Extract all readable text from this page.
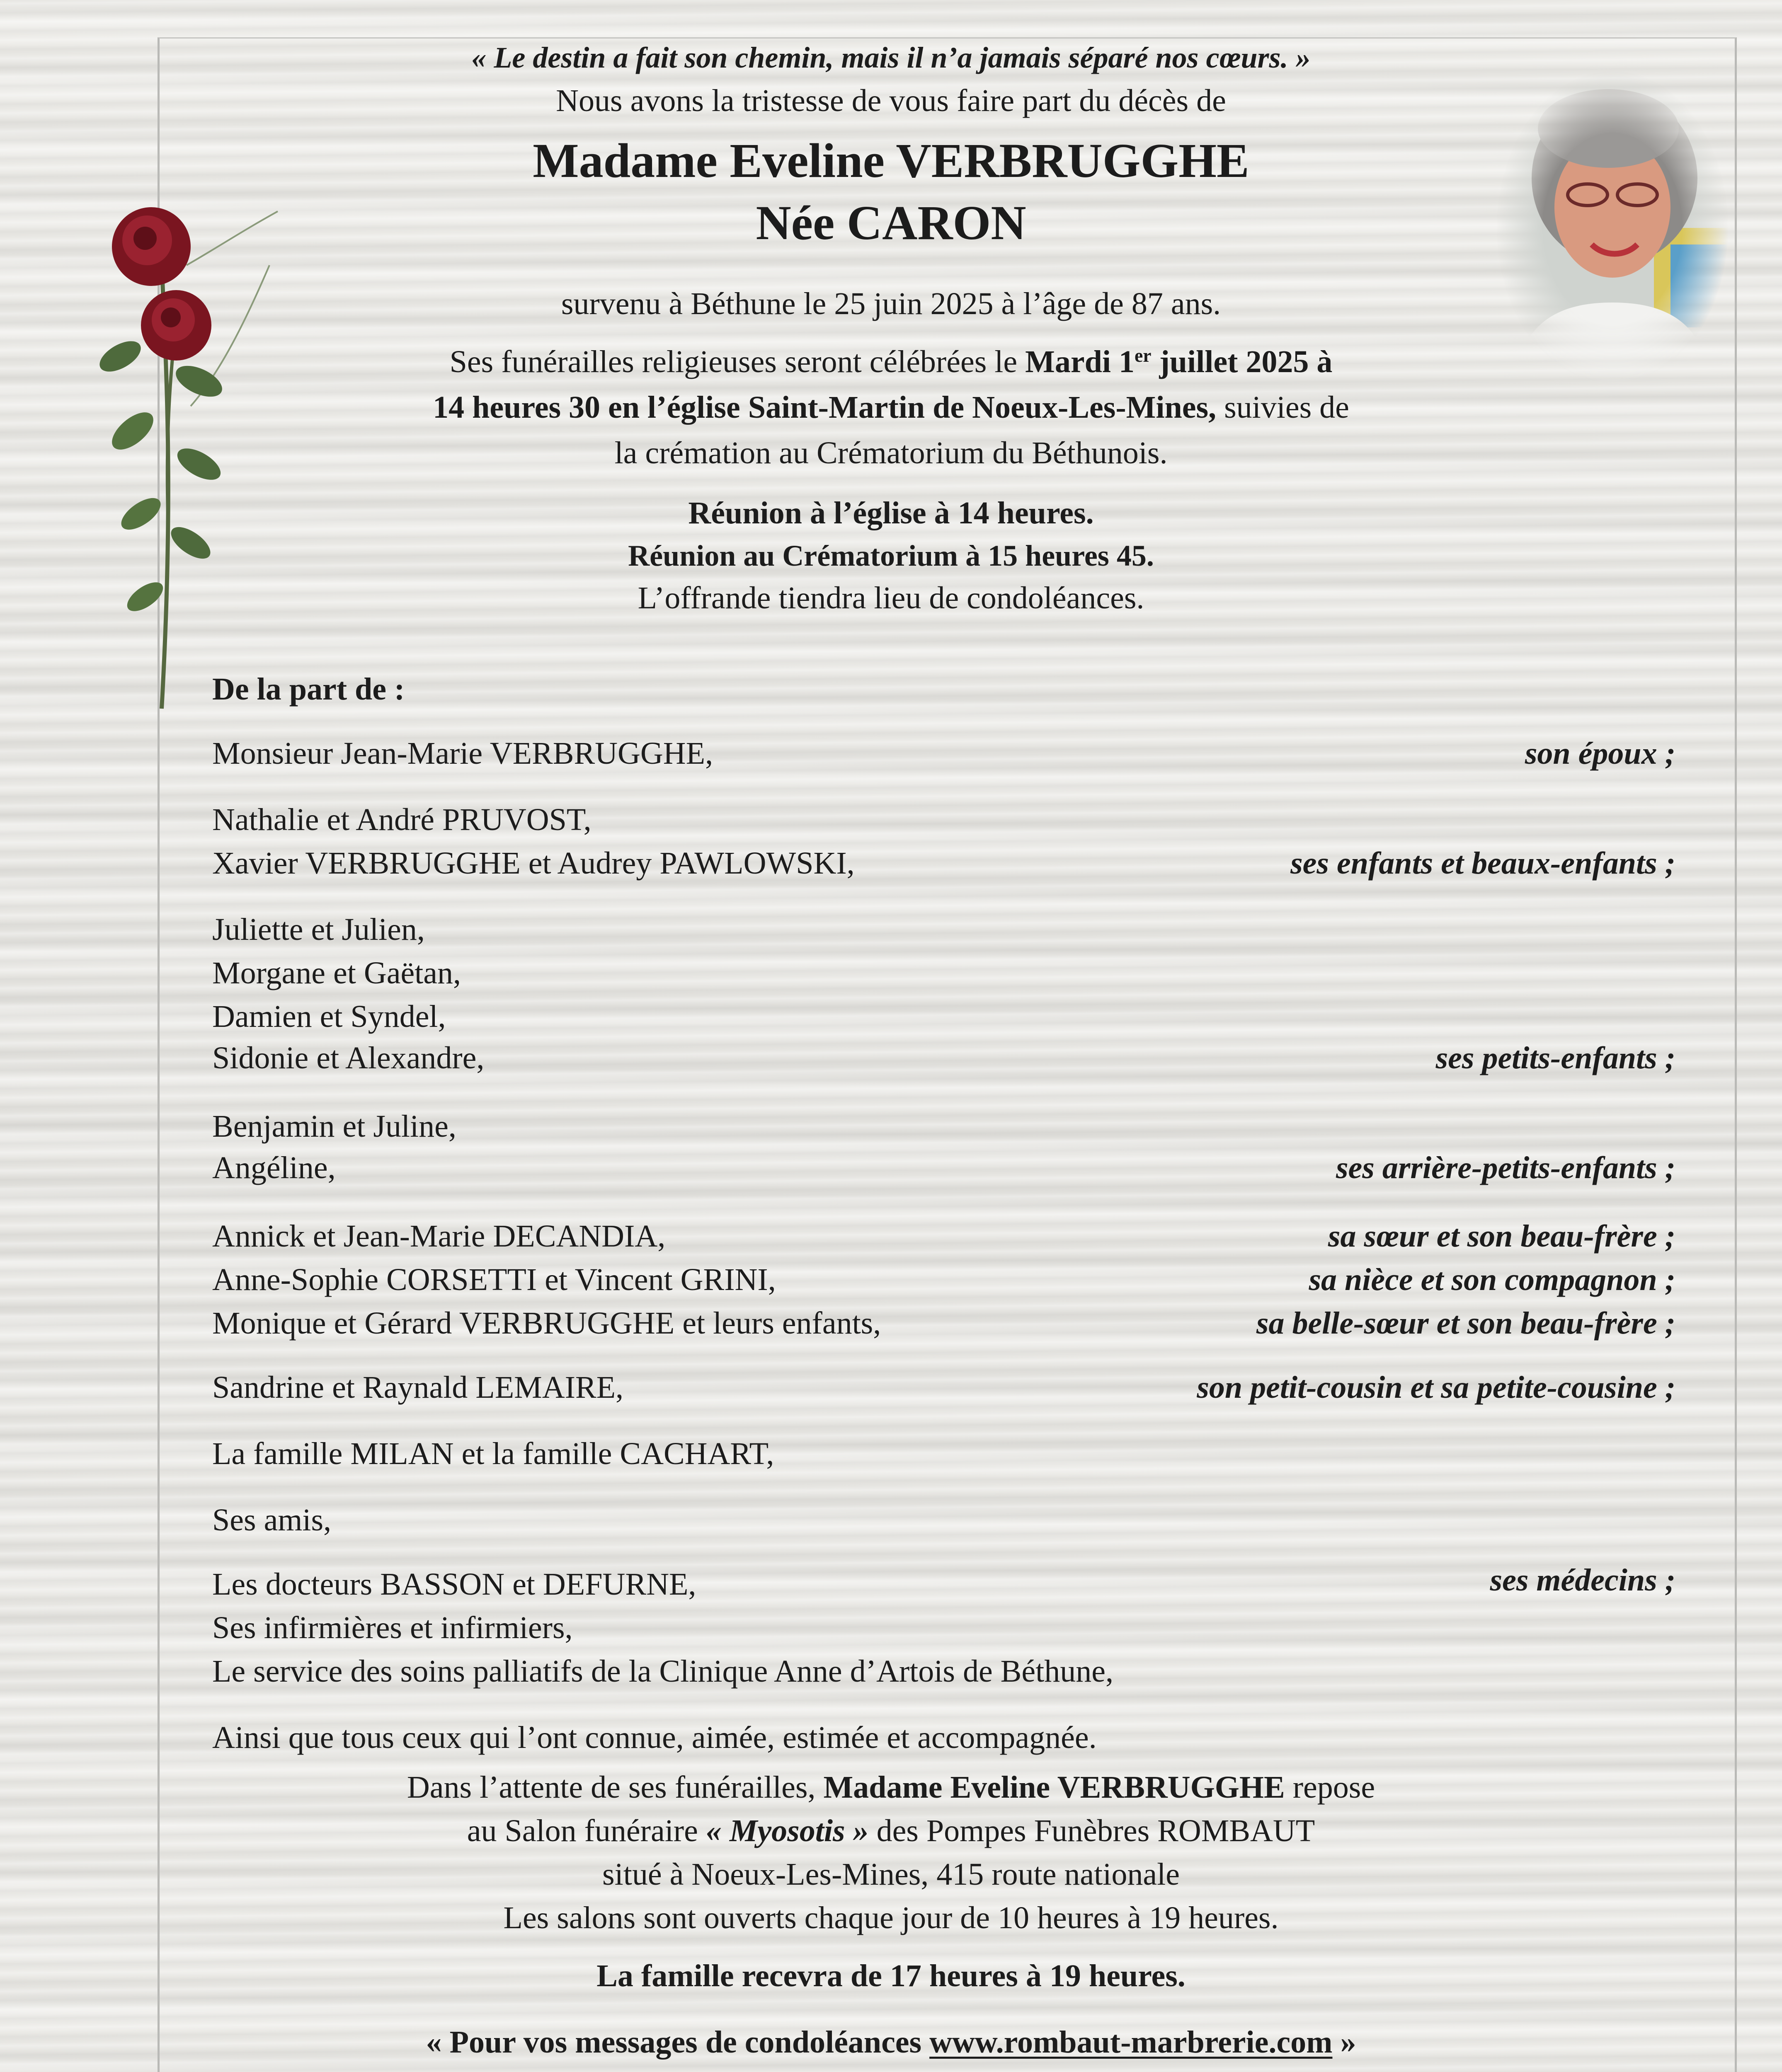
« Le destin a fait son chemin, mais il n’a jamais séparé nos cœurs. »
Nous avons la tristesse de vous faire part du décès de
Madame Eveline VERBRUGGHE
Née CARON
survenu à Béthune le 25 juin 2025 à l’âge de 87 ans.
Ses funérailles religieuses seront célébrées le Mardi 1er juillet 2025 à
14 heures 30 en l’église Saint-Martin de Noeux-Les-Mines, suivies de
la crémation au Crématorium du Béthunois.
Réunion à l’église à 14 heures.
Réunion au Crématorium à 15 heures 45.
L’offrande tiendra lieu de condoléances.
De la part de :
Monsieur Jean-Marie VERBRUGGHE,	son époux ;
Nathalie et André PRUVOST,
Xavier VERBRUGGHE et Audrey PAWLOWSKI,	ses enfants et beaux-enfants ;
Juliette et Julien,
Morgane et Gaëtan,
Damien et Syndel,
Sidonie et Alexandre,	ses petits-enfants ;
Benjamin et Juline,
Angéline,	ses arrière-petits-enfants ;
Annick et Jean-Marie DECANDIA,	sa sœur et son beau-frère ;
Anne-Sophie CORSETTI et Vincent GRINI,	sa nièce et son compagnon ;
Monique et Gérard VERBRUGGHE et leurs enfants,	sa belle-sœur et son beau-frère ;
Sandrine et Raynald LEMAIRE,	son petit-cousin et sa petite-cousine ;
La famille MILAN et la famille CACHART,
Ses amis,
Les docteurs BASSON et DEFURNE,	ses médecins ;
Ses infirmières et infirmiers,
Le service des soins palliatifs de la Clinique Anne d’Artois de Béthune,
Ainsi que tous ceux qui l’ont connue, aimée, estimée et accompagnée.
Dans l’attente de ses funérailles, Madame Eveline VERBRUGGHE repose
au Salon funéraire « Myosotis » des Pompes Funèbres ROMBAUT
situé à Noeux-Les-Mines, 415 route nationale
Les salons sont ouverts chaque jour de 10 heures à 19 heures.
La famille recevra de 17 heures à 19 heures.
« Pour vos messages de condoléances www.rombaut-marbrerie.com »
